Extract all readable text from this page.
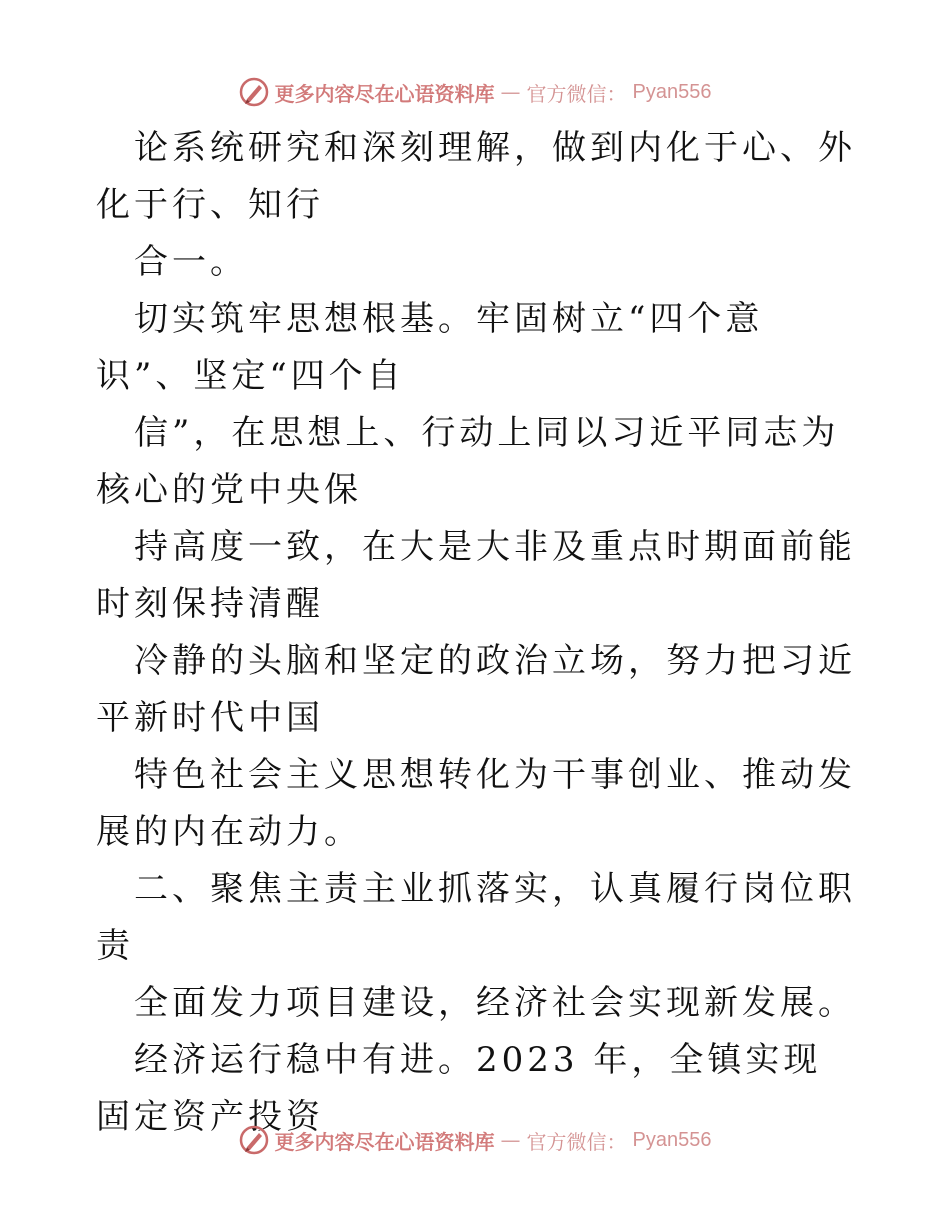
更多内容尽在心语资料库 — 官方微信： Pyan556

论系统研究和深刻理解，做到内化于心、外化于行、知行

合一。

切实筑牢思想根基。牢固树立“四个意识”、坚定“四个自

信”，在思想上、行动上同以习近平同志为核心的党中央保

持高度一致，在大是大非及重点时期面前能时刻保持清醒

冷静的头脑和坚定的政治立场，努力把习近平新时代中国

特色社会主义思想转化为干事创业、推动发展的内在动力。

二、聚焦主责主业抓落实，认真履行岗位职责

全面发力项目建设，经济社会实现新发展。

经济运行稳中有进。2023 年，全镇实现固定资产投资

更多内容尽在心语资料库 — 官方微信： Pyan556
